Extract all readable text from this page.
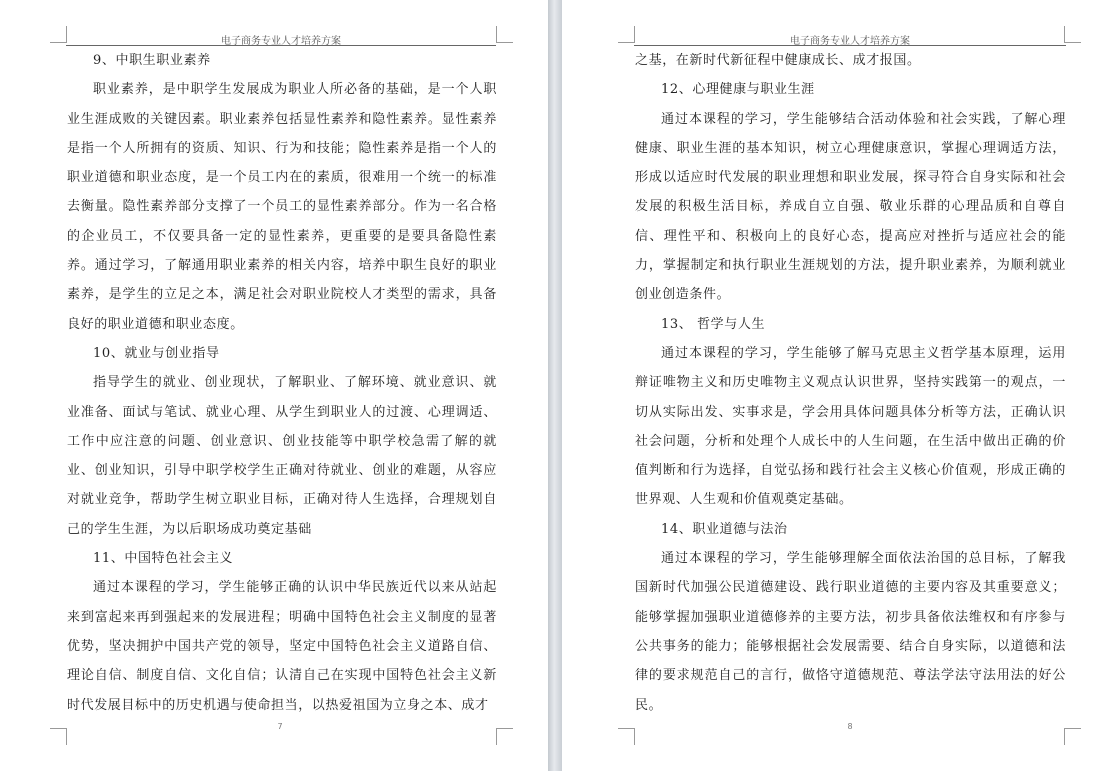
电子商务专业人才培养方案

9、中职生职业素养

职业素养，是中职学生发展成为职业人所必备的基础，是一个人职业生涯成败的关键因素。职业素养包括显性素养和隐性素养。显性素养是指一个人所拥有的资质、知识、行为和技能；隐性素养是指一个人的职业道德和职业态度，是一个员工内在的素质，很难用一个统一的标准去衡量。隐性素养部分支撑了一个员工的显性素养部分。作为一名合格的企业员工，不仅要具备一定的显性素养，更重要的是要具备隐性素养。通过学习，了解通用职业素养的相关内容，培养中职生良好的职业素养，是学生的立足之本，满足社会对职业院校人才类型的需求，具备良好的职业道德和职业态度。

10、就业与创业指导

指导学生的就业、创业现状，了解职业、了解环境、就业意识、就业准备、面试与笔试、就业心理、从学生到职业人的过渡、心理调适、工作中应注意的问题、创业意识、创业技能等中职学校急需了解的就业、创业知识，引导中职学校学生正确对待就业、创业的难题，从容应对就业竞争，帮助学生树立职业目标，正确对待人生选择，合理规划自己的学生生涯，为以后职场成功奠定基础

11、中国特色社会主义

通过本课程的学习，学生能够正确的认识中华民族近代以来从站起来到富起来再到强起来的发展进程；明确中国特色社会主义制度的显著优势，坚决拥护中国共产党的领导，坚定中国特色社会主义道路自信、理论自信、制度自信、文化自信；认清自己在实现中国特色社会主义新时代发展目标中的历史机遇与使命担当，以热爱祖国为立身之本、成才

7
电子商务专业人才培养方案

之基，在新时代新征程中健康成长、成才报国。

12、心理健康与职业生涯

通过本课程的学习，学生能够结合活动体验和社会实践，了解心理健康、职业生涯的基本知识，树立心理健康意识，掌握心理调适方法，形成以适应时代发展的职业理想和职业发展，探寻符合自身实际和社会发展的积极生活目标，养成自立自强、敬业乐群的心理品质和自尊自信、理性平和、积极向上的良好心态，提高应对挫折与适应社会的能力，掌握制定和执行职业生涯规划的方法，提升职业素养，为顺利就业创业创造条件。

13、 哲学与人生

通过本课程的学习，学生能够了解马克思主义哲学基本原理，运用辩证唯物主义和历史唯物主义观点认识世界，坚持实践第一的观点，一切从实际出发、实事求是，学会用具体问题具体分析等方法，正确认识社会问题，分析和处理个人成长中的人生问题，在生活中做出正确的价值判断和行为选择，自觉弘扬和践行社会主义核心价值观，形成正确的世界观、人生观和价值观奠定基础。

14、职业道德与法治

通过本课程的学习，学生能够理解全面依法治国的总目标，了解我国新时代加强公民道德建设、践行职业道德的主要内容及其重要意义；能够掌握加强职业道德修养的主要方法，初步具备依法维权和有序参与公共事务的能力；能够根据社会发展需要、结合自身实际，以道德和法律的要求规范自己的言行，做恪守道德规范、尊法学法守法用法的好公民。

8
